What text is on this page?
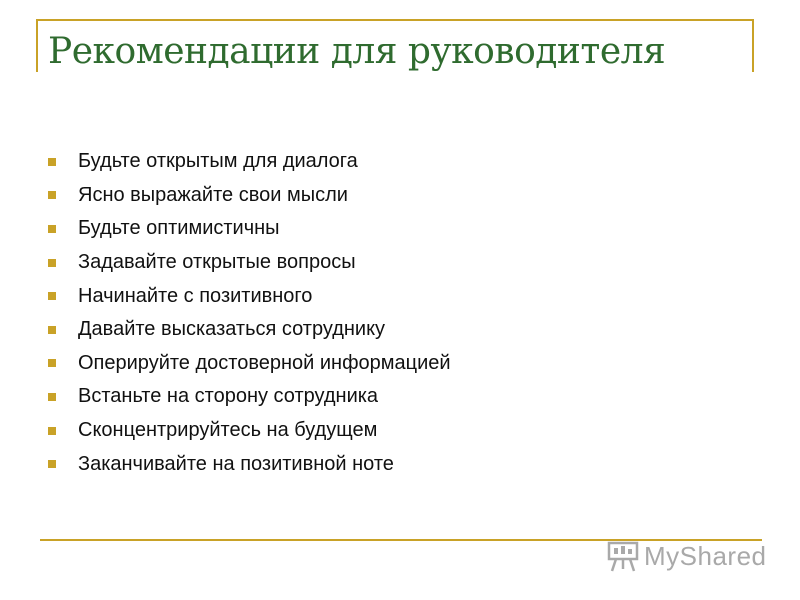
Рекомендации для руководителя
Будьте открытым для диалога
Ясно выражайте свои мысли
Будьте оптимистичны
Задавайте открытые вопросы
Начинайте с позитивного
Давайте высказаться сотруднику
Оперируйте достоверной информацией
Встаньте на сторону сотрудника
Сконцентрируйтесь на будущем
Заканчивайте на позитивной ноте
MyShared
